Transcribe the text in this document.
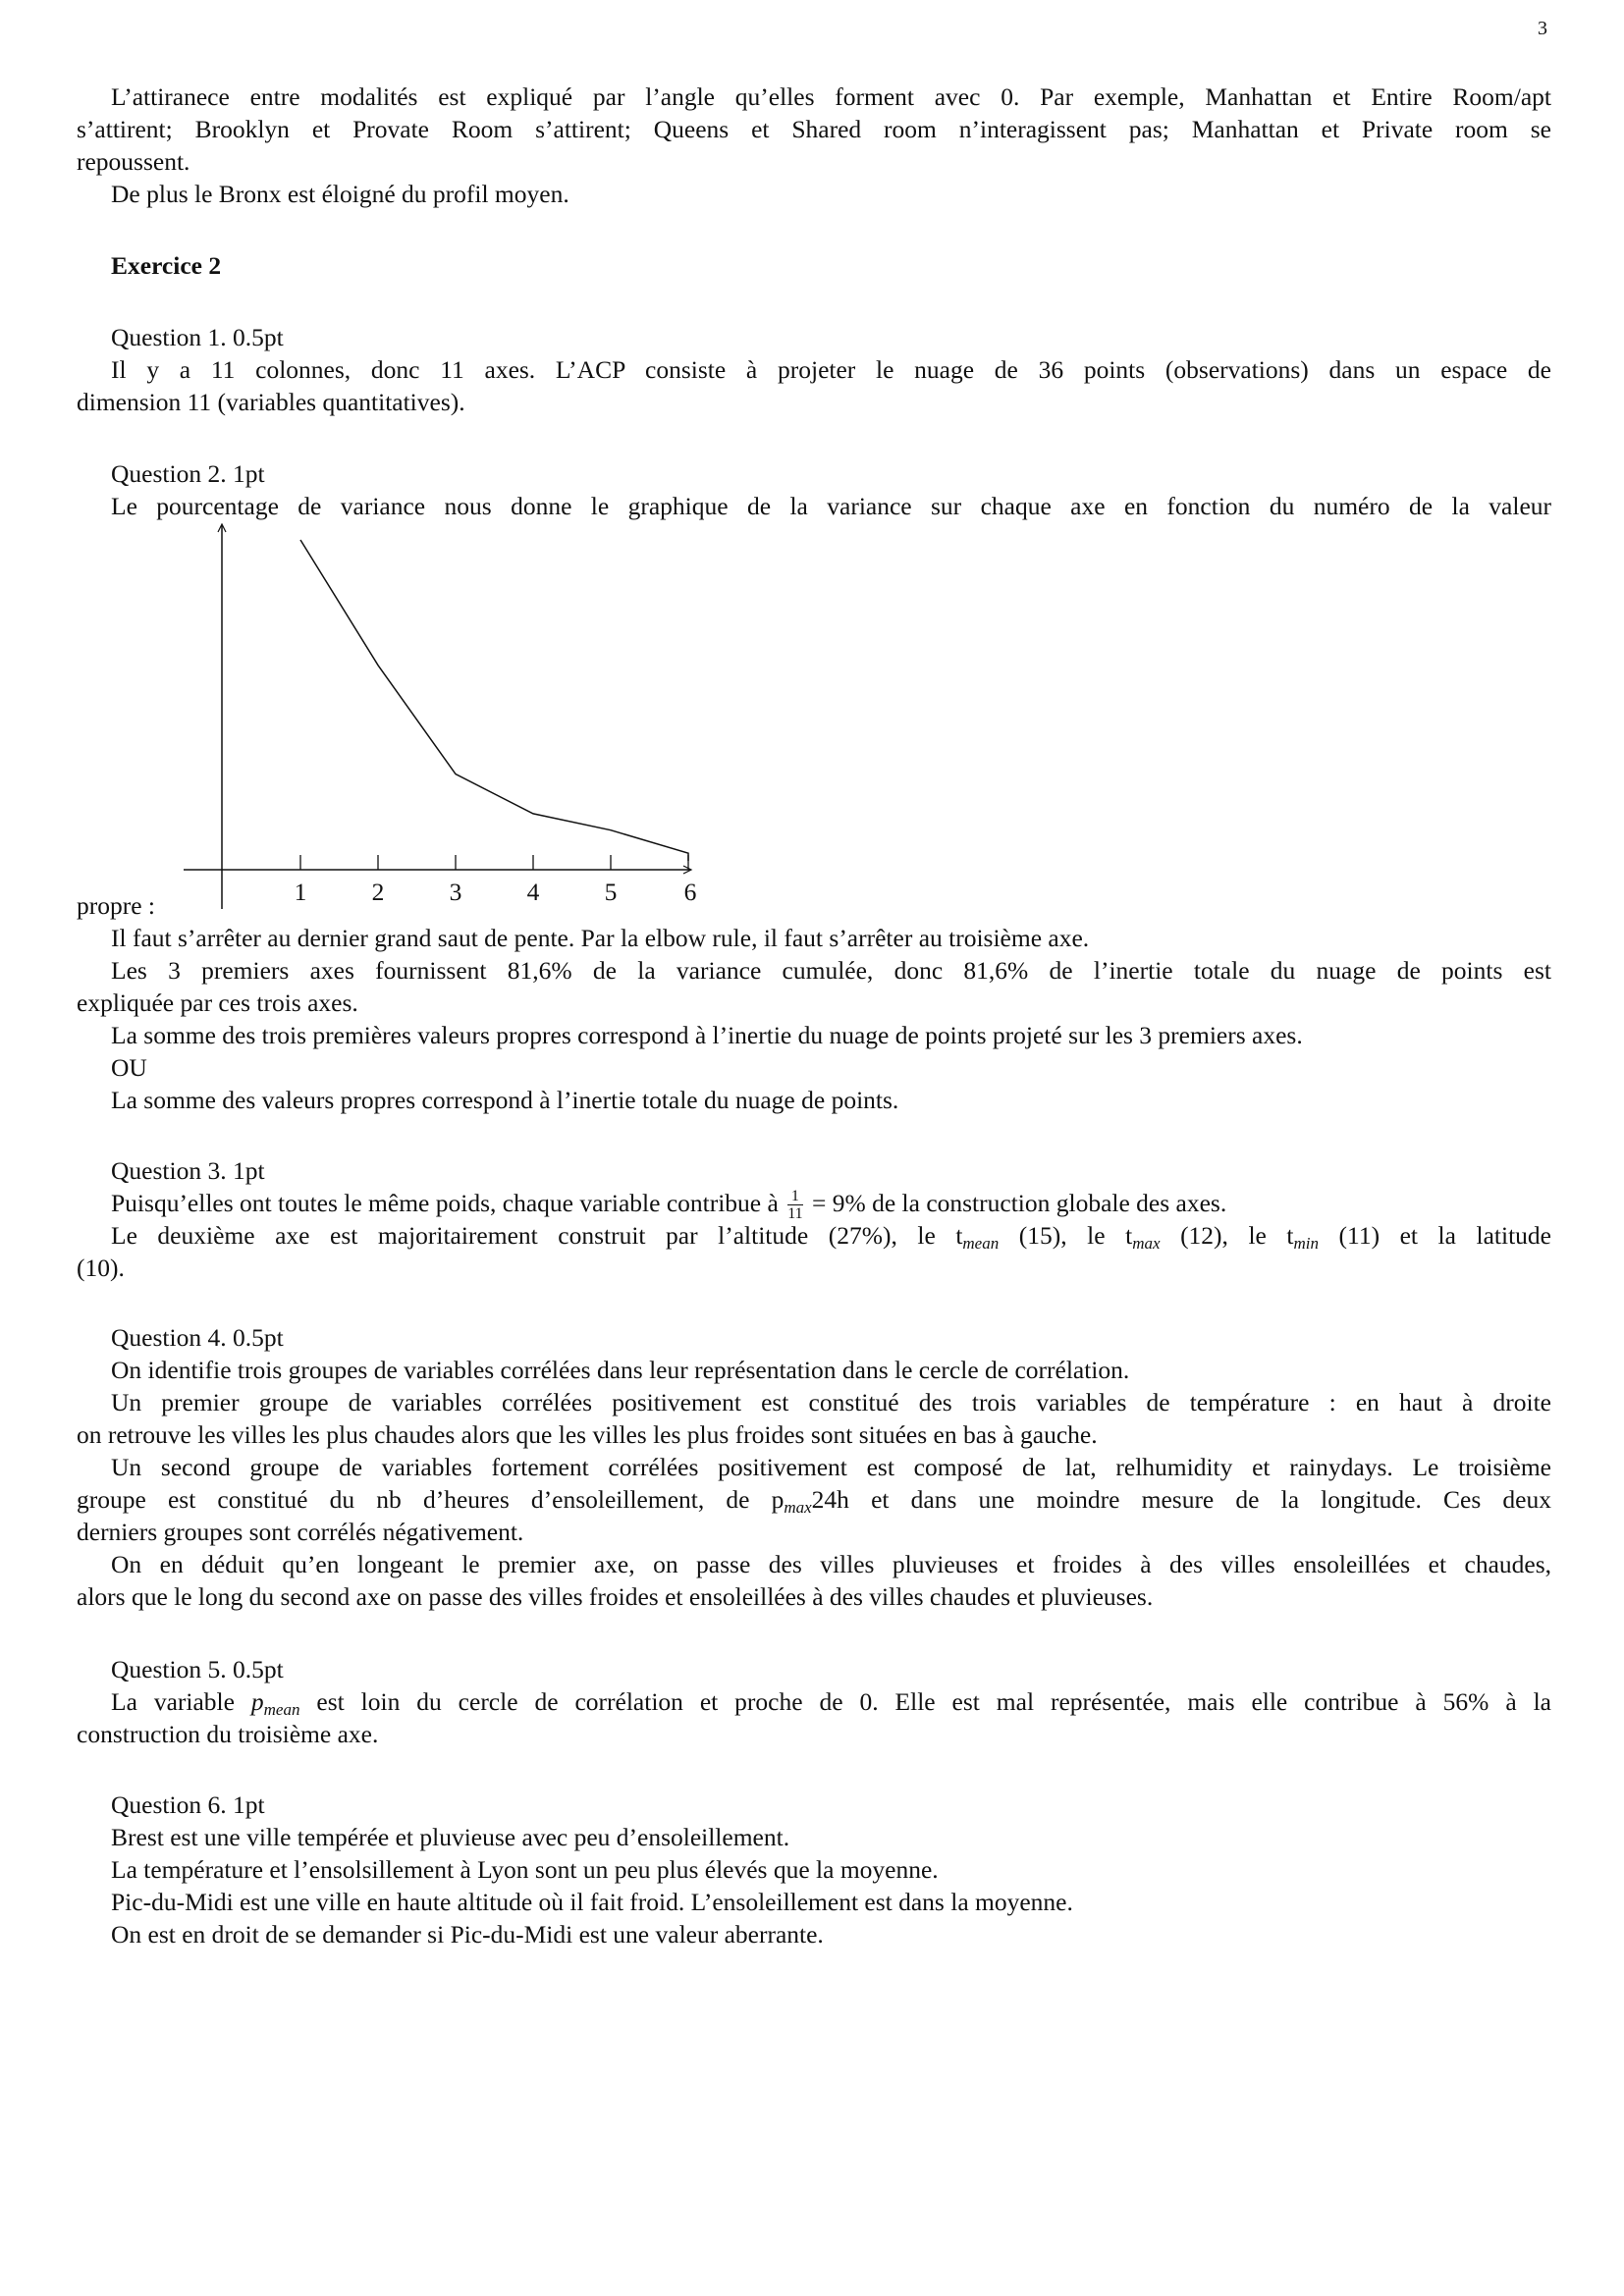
3
L’attiranece entre modalités est expliqué par l’angle qu’elles forment avec 0. Par exemple, Manhattan et Entire Room/apt
s’attirent; Brooklyn et Provate Room s’attirent; Queens et Shared room n’interagissent pas; Manhattan et Private room se
repoussent.
De plus le Bronx est éloigné du profil moyen.
Exercice 2
Question 1. 0.5pt
Il y a 11 colonnes, donc 11 axes. L’ACP consiste à projeter le nuage de 36 points (observations) dans un espace de
dimension 11 (variables quantitatives).
Question 2. 1pt
Le pourcentage de variance nous donne le graphique de la variance sur chaque axe en fonction du numéro de la valeur
1	2	3	4	5	6
propre :
Il faut s’arrêter au dernier grand saut de pente. Par la elbow rule, il faut s’arrêter au troisième axe.
Les 3 premiers axes fournissent 81,6% de la variance cumulée, donc 81,6% de l’inertie totale du nuage de points est
expliquée par ces trois axes.
La somme des trois premières valeurs propres correspond à l’inertie du nuage de points projeté sur les 3 premiers axes.
OU
La somme des valeurs propres correspond à l’inertie totale du nuage de points.
Question 3. 1pt
Puisqu’elles ont toutes le même poids, chaque variable contribue à $\frac{1}{11} = 9\%$ de la construction globale des axes.
Le deuxième axe est majoritairement construit par l’altitude (27%), le $t_{mean}$ (15), le $t_{max}$ (12), le $t_{min}$ (11) et la latitude
(10).
Question 4. 0.5pt
On identifie trois groupes de variables corrélées dans leur représentation dans le cercle de corrélation.
Un premier groupe de variables corrélées positivement est constitué des trois variables de température : en haut à droite
on retrouve les villes les plus chaudes alors que les villes les plus froides sont situées en bas à gauche.
Un second groupe de variables fortement corrélées positivement est composé de lat, relhumidity et rainydays. Le troisième
groupe est constitué du nb d’heures d’ensoleillement, de $p_{max}24h$ et dans une moindre mesure de la longitude. Ces deux
derniers groupes sont corrélés négativement.
On en déduit qu’en longeant le premier axe, on passe des villes pluvieuses et froides à des villes ensoleillées et chaudes,
alors que le long du second axe on passe des villes froides et ensoleillées à des villes chaudes et pluvieuses.
Question 5. 0.5pt
La variable $p_{mean}$ est loin du cercle de corrélation et proche de 0. Elle est mal représentée, mais elle contribue à 56% à la
construction du troisième axe.
Question 6. 1pt
Brest est une ville tempérée et pluvieuse avec peu d’ensoleillement.
La température et l’ensolsillement à Lyon sont un peu plus élevés que la moyenne.
Pic-du-Midi est une ville en haute altitude où il fait froid. L’ensoleillement est dans la moyenne.
On est en droit de se demander si Pic-du-Midi est une valeur aberrante.
